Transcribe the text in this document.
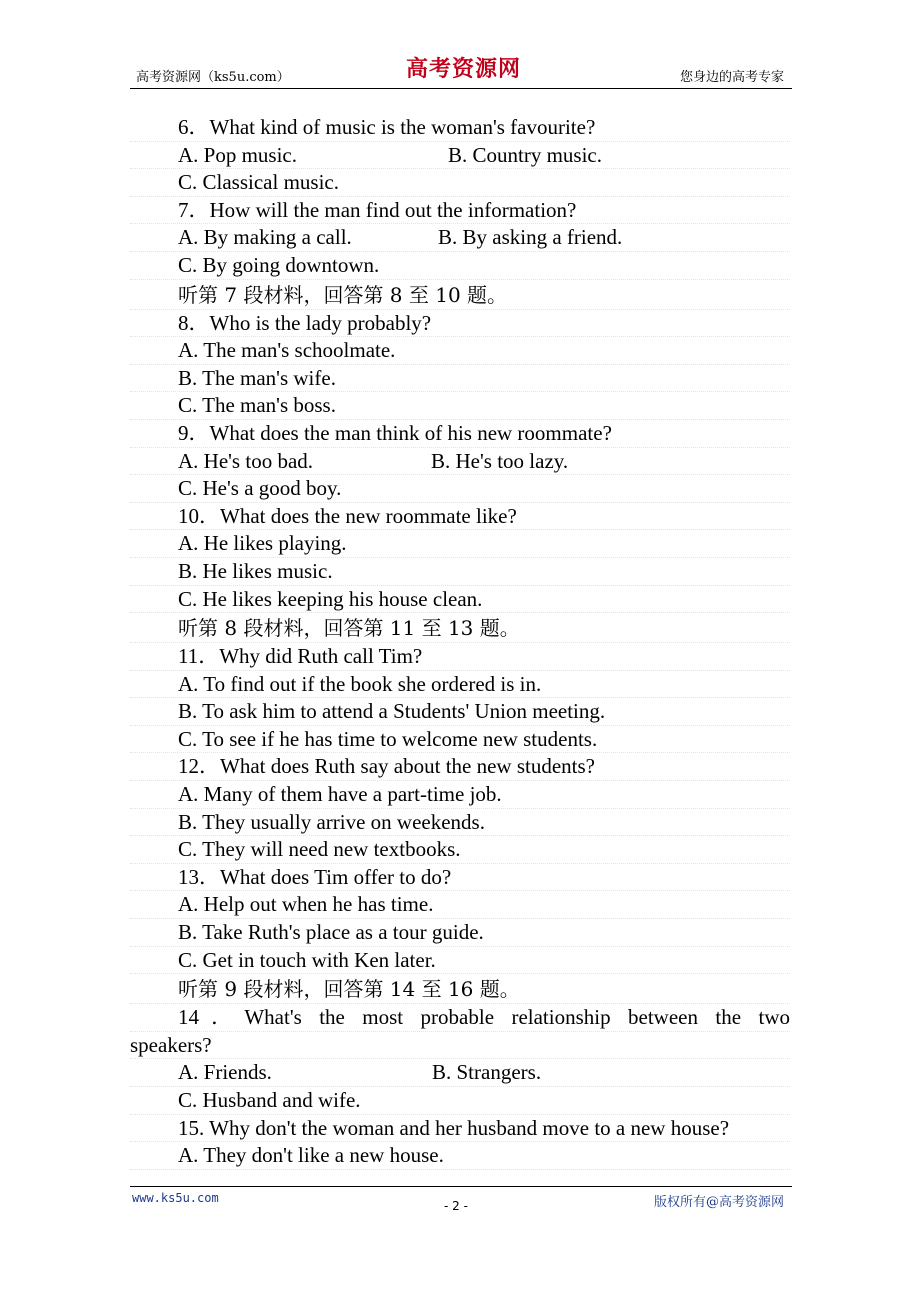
高考资源网（ks5u.com）	高考资源网	您身边的高考专家
6．What kind of music is the woman's favourite?
A. Pop music.	B. Country music.
C. Classical music.
7．How will the man find out the information?
A. By making a call.	B. By asking a friend.
C. By going downtown.
听第 7 段材料，回答第 8 至 10 题。
8．Who is the lady probably?
A. The man's schoolmate.
B. The man's wife.
C. The man's boss.
9．What does the man think of his new roommate?
A. He's too bad.	B. He's too lazy.
C. He's a good boy.
10．What does the new roommate like?
A. He likes playing.
B. He likes music.
C. He likes keeping his house clean.
听第 8 段材料，回答第 11 至 13 题。
11．Why did Ruth call Tim?
A. To find out if the book she ordered is in.
B. To ask him to attend a Students' Union meeting.
C. To see if he has time to welcome new students.
12．What does Ruth say about the new students?
A. Many of them have a part-time job.
B. They usually arrive on weekends.
C. They will need new textbooks.
13．What does Tim offer to do?
A. Help out when he has time.
B. Take Ruth's place as a tour guide.
C. Get in touch with Ken later.
听第 9 段材料，回答第 14 至 16 题。
14．What's the most probable relationship between the two
speakers?
A. Friends.	B. Strangers.
C. Husband and wife.
15. Why don't the woman and her husband move to a new house?
A. They don't like a new house.
www.ks5u.com
- 2 -	版权所有@高考资源网
